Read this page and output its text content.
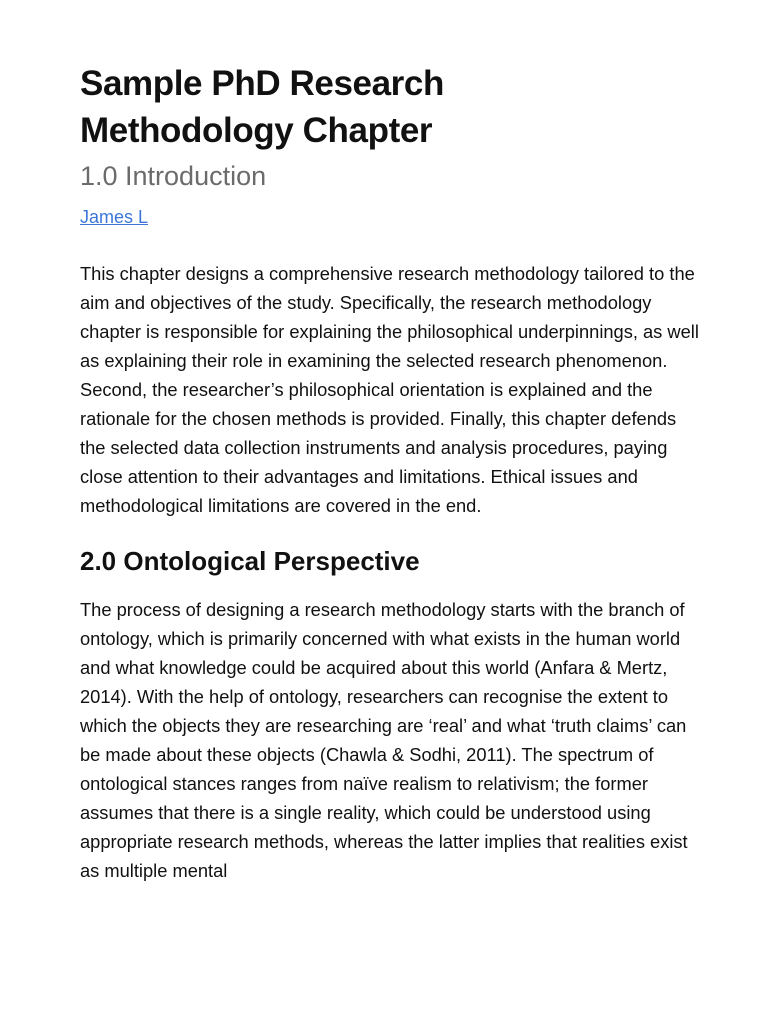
Sample PhD Research
Methodology Chapter
1.0 Introduction
James L

This chapter designs a comprehensive research methodology tailored to the aim and objectives of the study. Specifically, the research methodology chapter is responsible for explaining the philosophical underpinnings, as well as explaining their role in examining the selected research phenomenon. Second, the researcher’s philosophical orientation is explained and the rationale for the chosen methods is provided. Finally, this chapter defends the selected data collection instruments and analysis procedures, paying close attention to their advantages and limitations. Ethical issues and methodological limitations are covered in the end.

2.0 Ontological Perspective

The process of designing a research methodology starts with the branch of ontology, which is primarily concerned with what exists in the human world and what knowledge could be acquired about this world (Anfara & Mertz, 2014). With the help of ontology, researchers can recognise the extent to which the objects they are researching are ‘real’ and what ‘truth claims’ can be made about these objects (Chawla & Sodhi, 2011). The spectrum of ontological stances ranges from naïve realism to relativism; the former assumes that there is a single reality, which could be understood using appropriate research methods, whereas the latter implies that realities exist as multiple mental
